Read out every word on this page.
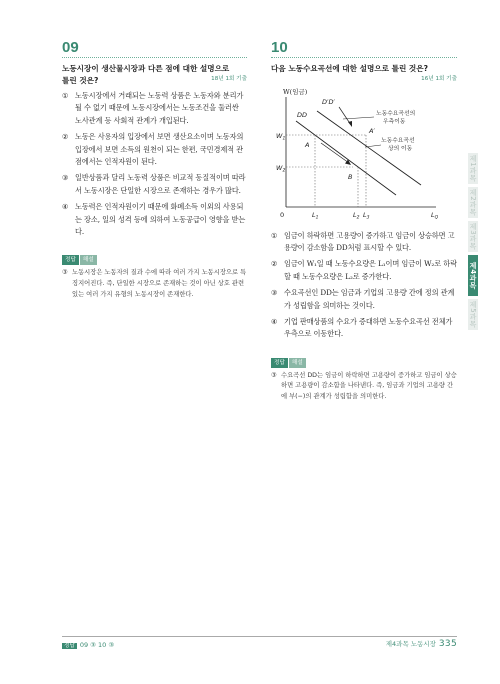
09
노동시장이 생산물시장과 다른 점에 대한 설명으로
틀린 것은?	18년 1회 기출
① 노동시장에서 거래되는 노동력 상품은 노동자와 분리가 될 수 없기 때문에 노동시장에서는 노동조건을 둘러싼 노사관계 등 사회적 관계가 개입된다.
② 노동은 사용자의 입장에서 보면 생산요소이며 노동자의 입장에서 보면 소득의 원천이 되는 한편, 국민경제적 관점에서는 인적자원이 된다.
③ 일반상품과 달리 노동력 상품은 비교적 동질적이며 따라서 노동시장은 단일한 시장으로 존재하는 경우가 많다.
④ 노동력은 인적자원이기 때문에 화폐소득 이외의 사용되는 장소, 일의 성격 등에 의하여 노동공급이 영향을 받는다.
정답 해설
③ 노동시장은 노동자의 질과 수에 따라 여러 가지 노동시장으로 특징지어진다. 즉, 단일한 시장으로 존재하는 것이 아닌 상호 관련 있는 여러 가지 유형의 노동시장이 존재한다.
10
다음 노동수요곡선에 대한 설명으로 틀린 것은?
16년 1회 기출
W(임금)
0	$L_Q$
DD
D′D′
$W_1$
$W_2$
$L_1$	$L_2$ $L_3$
A
A′
B
노동수요곡선의
우측이동
노동수요곡선
상의 이동
① 임금이 하락하면 고용량이 증가하고 임금이 상승하면 고용량이 감소함을 DD처럼 표시할 수 있다.
② 임금이 W₁일 때 노동수요량은 L₁이며 임금이 W₂로 하락할 때 노동수요량은 L₂로 증가한다.
③ 수요곡선인 DD는 임금과 기업의 고용량 간에 정의 관계가 성립함을 의미하는 것이다.
④ 기업 판매상품의 수요가 증대하면 노동수요곡선 전체가 우측으로 이동한다.
정답 해설
③ 수요곡선 DD는 임금이 하락하면 고용량이 증가하고 임금이 상승하면 고용량이 감소함을 나타낸다. 즉, 임금과 기업의 고용량 간에 부(−)의 관계가 성립함을 의미한다.
제1과목
제2과목
제3과목
제4과목
제5과목
정답 09 ③ 10 ③	제4과목 노동시장 335
